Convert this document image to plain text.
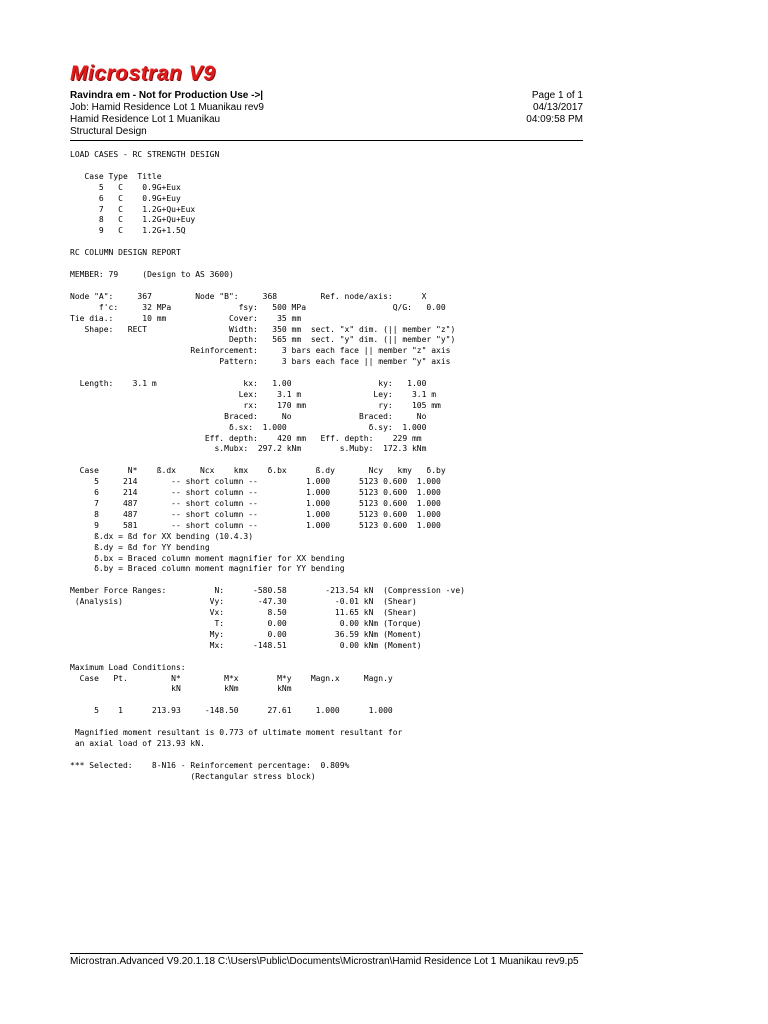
Microstran V9
Ravindra em - Not for Production Use ->|
Job: Hamid Residence Lot 1 Muanikau rev9
Hamid Residence Lot 1 Muanikau
Structural Design
Page 1 of 1
04/13/2017
04:09:58 PM
LOAD CASES - RC STRENGTH DESIGN

Case Type  Title
5   C    0.9G+Eux
6   C    0.9G+Euy
7   C    1.2G+Qu+Eux
8   C    1.2G+Qu+Euy
9   C    1.2G+1.5Q

RC COLUMN DESIGN REPORT

MEMBER: 79     (Design to AS 3600)

Node "A":     367         Node "B":     368         Ref. node/axis:      X
f'c:     32 MPa              fsy:   500 MPa                  Q/G:   0.00
Tie dia.:      10 mm             Cover:    35 mm
Shape:   RECT                 Width:   350 mm  sect. "x" dim. (|| member "z")
Depth:   565 mm  sect. "y" dim. (|| member "y")
Reinforcement:     3 bars each face || member "z" axis
Pattern:     3 bars each face || member "y" axis

Length:    3.1 m                  kx:   1.00                  ky:   1.00
Lex:    3.1 m               Ley:    3.1 m
rx:    170 mm               ry:    105 mm
Braced:     No              Braced:     No
δ.sx:  1.000                 δ.sy:  1.000
Eff. depth:    420 mm   Eff. depth:    229 mm
s.Mubx:  297.2 kNm        s.Muby:  172.3 kNm

Case      N*    ß.dx     Ncx    kmx    δ.bx      ß.dy       Ncy   kmy   δ.by
5     214       -- short column --          1.000      5123 0.600  1.000
6     214       -- short column --          1.000      5123 0.600  1.000
7     487       -- short column --          1.000      5123 0.600  1.000
8     487       -- short column --          1.000      5123 0.600  1.000
9     581       -- short column --          1.000      5123 0.600  1.000
ß.dx = ßd for XX bending (10.4.3)
ß.dy = ßd for YY bending
δ.bx = Braced column moment magnifier for XX bending
δ.by = Braced column moment magnifier for YY bending

Member Force Ranges:          N:      -580.58        -213.54 kN  (Compression -ve)
(Analysis)                  Vy:       -47.30          -0.01 kN  (Shear)
Vx:         8.50          11.65 kN  (Shear)
T:         0.00           0.00 kNm (Torque)
My:         0.00          36.59 kNm (Moment)
Mx:      -148.51           0.00 kNm (Moment)

Maximum Load Conditions:
Case   Pt.         N*         M*x        M*y    Magn.x     Magn.y
kN         kNm        kNm

5    1      213.93     -148.50      27.61     1.000      1.000

Magnified moment resultant is 0.773 of ultimate moment resultant for
an axial load of 213.93 kN.

*** Selected:    8-N16 - Reinforcement percentage:  0.809%
(Rectangular stress block)
Microstran.Advanced V9.20.1.18 C:\Users\Public\Documents\Microstran\Hamid Residence Lot 1 Muanikau rev9.p5
